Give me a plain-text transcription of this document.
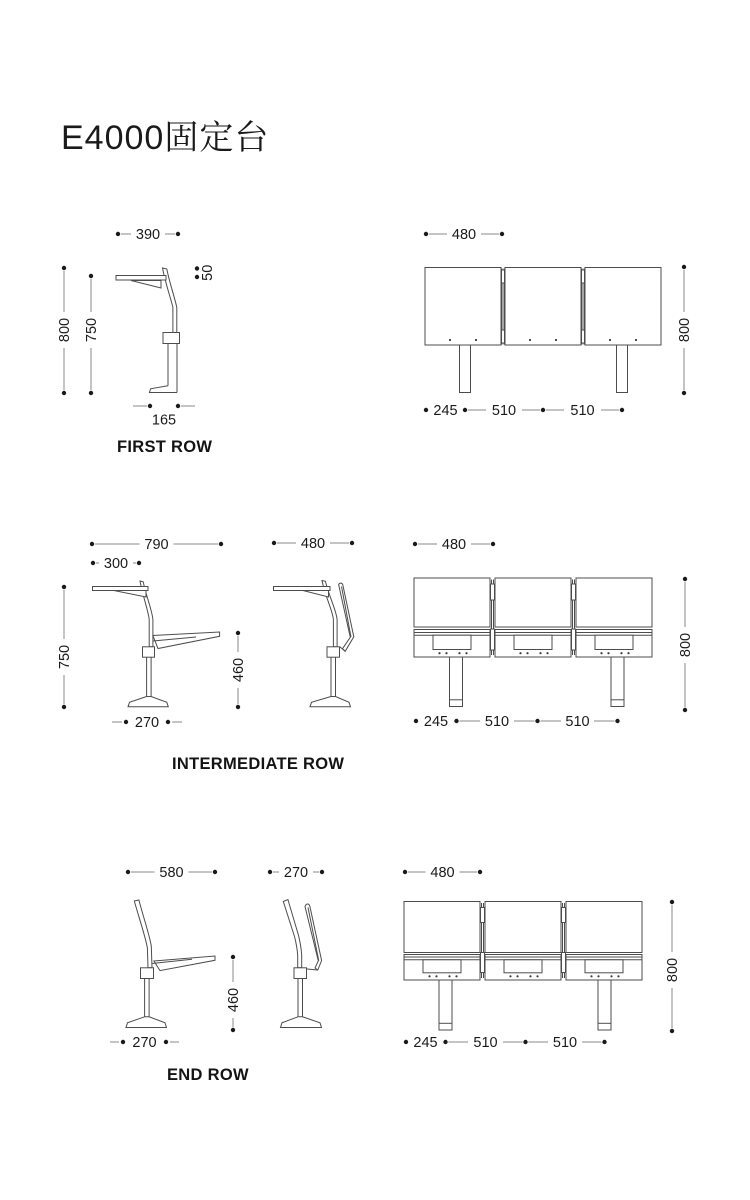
E4000固定台
390
50
800 750
165
480
800
245 510	510
FIRST ROW
790
300
750
460
270
480	480
800
245	510	510
INTERMEDIATE ROW
580
460
270
270	480
800
245 510	510
END ROW
